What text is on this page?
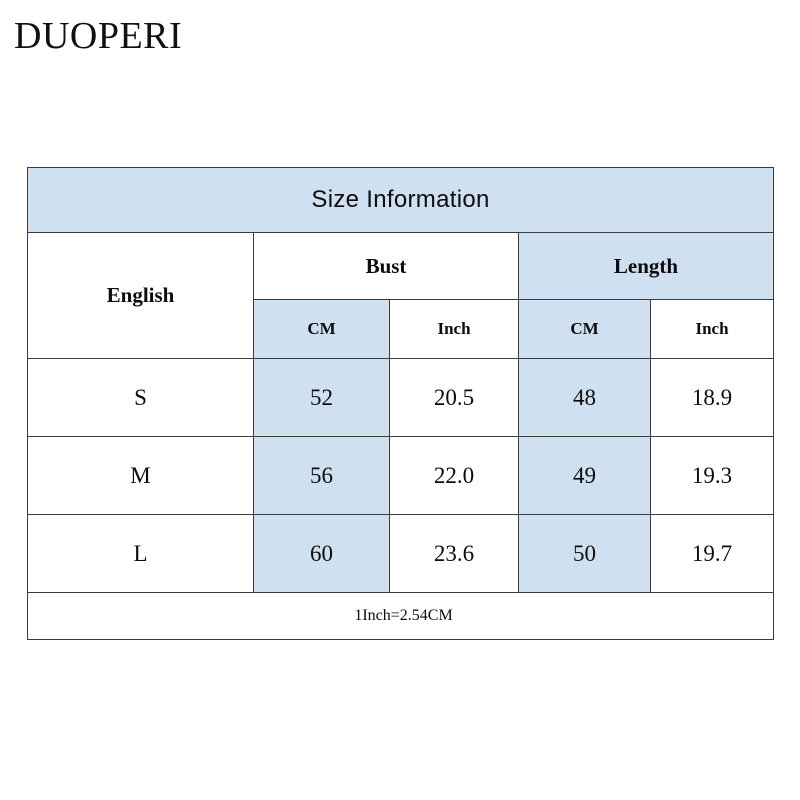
DUOPERI
Size Information				
English	Bust		Length	
	CM	Inch	CM	Inch
S	52	20.5	48	18.9
M	56	22.0	49	19.3
L	60	23.6	50	19.7
1Inch=2.54CM				
